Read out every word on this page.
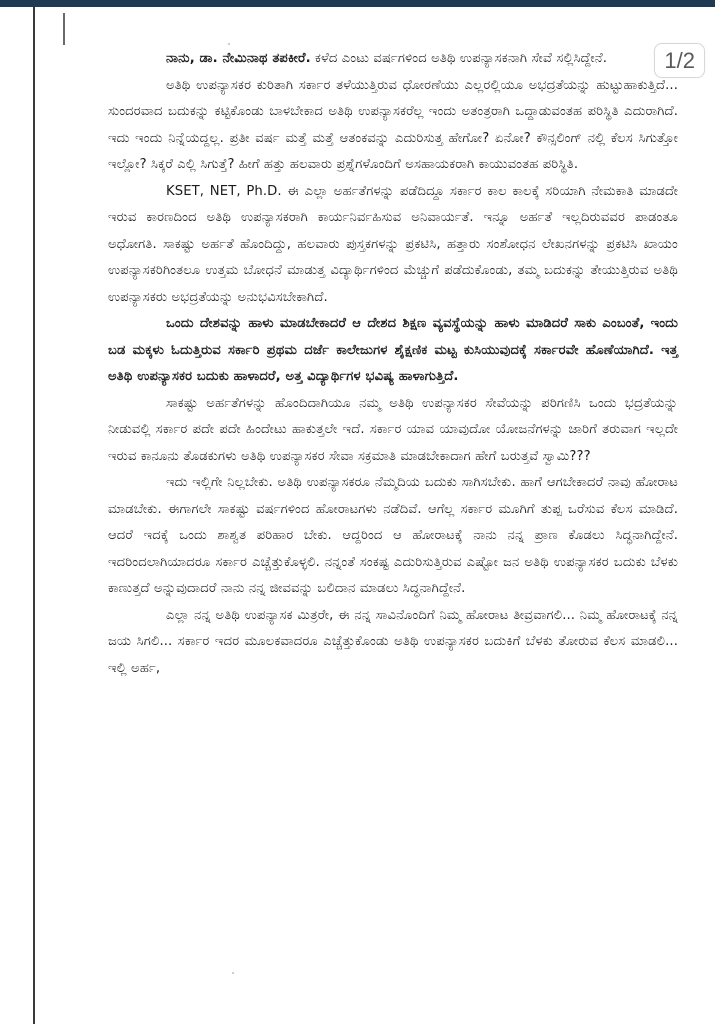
ನಾನು, ಡಾ. ನೇಮಿನಾಥ ತಪಕೀರೆ. ಕಳೆದ ಎಂಟು ವರ್ಷಗಳಿಂದ ಅತಿಥಿ ಉಪನ್ಯಾಸಕನಾಗಿ ಸೇವೆ ಸಲ್ಲಿಸಿದ್ದೇನೆ.

ಅತಿಥಿ ಉಪನ್ಯಾಸಕರ ಕುರಿತಾಗಿ ಸರ್ಕಾರ ತಳೆಯುತ್ತಿರುವ ಧೋರಣೆಯು ಎಲ್ಲರಲ್ಲಿಯೂ ಅಭದ್ರತೆಯನ್ನು ಹುಟ್ಟುಹಾಕುತ್ತಿದೆ... ಸುಂದರವಾದ ಬದುಕನ್ನು ಕಟ್ಟಿಕೊಂಡು ಬಾಳಬೇಕಾದ ಅತಿಥಿ ಉಪನ್ಯಾಸಕರೆಲ್ಲ ಇಂದು ಅತಂತ್ರರಾಗಿ ಒದ್ದಾಡುವಂತಹ ಪರಿಸ್ಥಿತಿ ಎದುರಾಗಿದೆ. ಇದು ಇಂದು ನಿನ್ನೆಯದ್ದಲ್ಲ. ಪ್ರತೀ ವರ್ಷ ಮತ್ತೆ ಮತ್ತೆ ಆತಂಕವನ್ನು ಎದುರಿಸುತ್ತ ಹೇಗೋ? ಏನೋ? ಕೌನ್ಸಲಿಂಗ್ ನಲ್ಲಿ ಕೆಲಸ ಸಿಗುತ್ತೋ ಇಲ್ಲೋ? ಸಿಕ್ಕರೆ ಎಲ್ಲಿ ಸಿಗುತ್ತೆ? ಹೀಗೆ ಹತ್ತು ಹಲವಾರು ಪ್ರಶ್ನೆಗಳೊಂದಿಗೆ ಅಸಹಾಯಕರಾಗಿ ಕಾಯುವಂತಹ ಪರಿಸ್ಥಿತಿ.

KSET, NET, Ph.D. ಈ ಎಲ್ಲಾ ಅರ್ಹತೆಗಳನ್ನು ಪಡೆದಿದ್ದೂ ಸರ್ಕಾರ ಕಾಲ ಕಾಲಕ್ಕೆ ಸರಿಯಾಗಿ ನೇಮಕಾತಿ ಮಾಡದೇ ಇರುವ ಕಾರಣದಿಂದ ಅತಿಥಿ ಉಪನ್ಯಾಸಕರಾಗಿ ಕಾರ್ಯನಿರ್ವಹಿಸುವ ಅನಿವಾರ್ಯತೆ. ಇನ್ನೂ ಅರ್ಹತೆ ಇಲ್ಲದಿರುವವರ ಪಾಡಂತೂ ಅಧೋಗತಿ. ಸಾಕಷ್ಟು ಅರ್ಹತೆ ಹೊಂದಿದ್ದು, ಹಲವಾರು ಪುಸ್ತಕಗಳನ್ನು ಪ್ರಕಟಿಸಿ, ಹತ್ತಾರು ಸಂಶೋಧನ ಲೇಖನಗಳನ್ನು ಪ್ರಕಟಿಸಿ ಖಾಯಂ ಉಪನ್ಯಾಸಕರಿಗಿಂತಲೂ ಉತ್ತಮ ಬೋಧನೆ ಮಾಡುತ್ತ ವಿದ್ಯಾರ್ಥಿಗಳಿಂದ ಮೆಚ್ಚುಗೆ ಪಡೆದುಕೊಂಡು, ತಮ್ಮ ಬದುಕನ್ನು ತೇಯುತ್ತಿರುವ ಅತಿಥಿ ಉಪನ್ಯಾಸಕರು ಅಭದ್ರತೆಯನ್ನು ಅನುಭವಿಸಬೇಕಾಗಿದೆ.

ಒಂದು ದೇಶವನ್ನು ಹಾಳು ಮಾಡಬೇಕಾದರೆ ಆ ದೇಶದ ಶಿಕ್ಷಣ ವ್ಯವಸ್ಥೆಯನ್ನು ಹಾಳು ಮಾಡಿದರೆ ಸಾಕು ಎಂಬಂತೆ, ಇಂದು ಬಡ ಮಕ್ಕಳು ಓದುತ್ತಿರುವ ಸರ್ಕಾರಿ ಪ್ರಥಮ ದರ್ಜೆ ಕಾಲೇಜುಗಳ ಶೈಕ್ಷಣಿಕ ಮಟ್ಟ ಕುಸಿಯುವುದಕ್ಕೆ ಸರ್ಕಾರವೇ ಹೊಣೆಯಾಗಿದೆ. ಇತ್ತ ಅತಿಥಿ ಉಪನ್ಯಾಸಕರ ಬದುಕು ಹಾಳಾದರೆ, ಅತ್ತ ವಿದ್ಯಾರ್ಥಿಗಳ ಭವಿಷ್ಯ ಹಾಳಾಗುತ್ತಿದೆ.

ಸಾಕಷ್ಟು ಅರ್ಹತೆಗಳನ್ನು ಹೊಂದಿದಾಗಿಯೂ ನಮ್ಮ ಅತಿಥಿ ಉಪನ್ಯಾಸಕರ ಸೇವೆಯನ್ನು ಪರಿಗಣಿಸಿ ಒಂದು ಭದ್ರತೆಯನ್ನು ನೀಡುವಲ್ಲಿ ಸರ್ಕಾರ ಪದೇ ಪದೇ ಹಿಂದೇಟು ಹಾಕುತ್ತಲೇ ಇದೆ. ಸರ್ಕಾರ ಯಾವ ಯಾವುದೋ ಯೋಜನೆಗಳನ್ನು ಜಾರಿಗೆ ತರುವಾಗ ಇಲ್ಲದೇ ಇರುವ ಕಾನೂನು ತೊಡಕುಗಳು ಅತಿಥಿ ಉಪನ್ಯಾಸಕರ ಸೇವಾ ಸಕ್ರಮಾತಿ ಮಾಡಬೇಕಾದಾಗ ಹೇಗೆ ಬರುತ್ತವೆ ಸ್ವಾಮಿ???

ಇದು ಇಲ್ಲಿಗೇ ನಿಲ್ಲಬೇಕು. ಅತಿಥಿ ಉಪನ್ಯಾಸಕರೂ ನೆಮ್ಮದಿಯ ಬದುಕು ಸಾಗಿಸಬೇಕು. ಹಾಗೆ ಆಗಬೇಕಾದರೆ ನಾವು ಹೋರಾಟ ಮಾಡಬೇಕು. ಈಗಾಗಲೇ ಸಾಕಷ್ಟು ವರ್ಷಗಳಿಂದ ಹೋರಾಟಗಳು ನಡೆದಿವೆ. ಆಗೆಲ್ಲ ಸರ್ಕಾರ ಮೂಗಿಗೆ ತುಪ್ಪ ಒರೆಸುವ ಕೆಲಸ ಮಾಡಿದೆ. ಆದರೆ ಇದಕ್ಕೆ ಒಂದು ಶಾಶ್ವತ ಪರಿಹಾರ ಬೇಕು. ಆದ್ದರಿಂದ ಆ ಹೋರಾಟಕ್ಕೆ ನಾನು ನನ್ನ ಪ್ರಾಣ ಕೊಡಲು ಸಿದ್ಧನಾಗಿದ್ದೇನೆ. ಇದರಿಂದಲಾಗಿಯಾದರೂ ಸರ್ಕಾರ ಎಚ್ಚೆತ್ತುಕೊಳ್ಳಲಿ. ನನ್ನಂತೆ ಸಂಕಷ್ಟ ಎದುರಿಸುತ್ತಿರುವ ಎಷ್ಟೋ ಜನ ಅತಿಥಿ ಉಪನ್ಯಾಸಕರ ಬದುಕು ಬೆಳಕು ಕಾಣುತ್ತದೆ ಅನ್ನುವುದಾದರೆ ನಾನು ನನ್ನ ಜೀವವನ್ನು ಬಲಿದಾನ ಮಾಡಲು ಸಿದ್ಧನಾಗಿದ್ದೇನೆ.

ಎಲ್ಲಾ ನನ್ನ ಅತಿಥಿ ಉಪನ್ಯಾಸಕ ಮಿತ್ರರೇ, ಈ ನನ್ನ ಸಾವಿನೊಂದಿಗೆ ನಿಮ್ಮ ಹೋರಾಟ ತೀವ್ರವಾಗಲಿ... ನಿಮ್ಮ ಹೋರಾಟಕ್ಕೆ ನನ್ನ ಜಯ ಸಿಗಲಿ... ಸರ್ಕಾರ ಇದರ ಮೂಲಕವಾದರೂ ಎಚ್ಚೆತ್ತುಕೊಂಡು ಅತಿಥಿ ಉಪನ್ಯಾಸಕರ ಬದುಕಿಗೆ ಬೆಳಕು ತೋರುವ ಕೆಲಸ ಮಾಡಲಿ... ಇಲ್ಲಿ ಅರ್ಹ,

1/2
